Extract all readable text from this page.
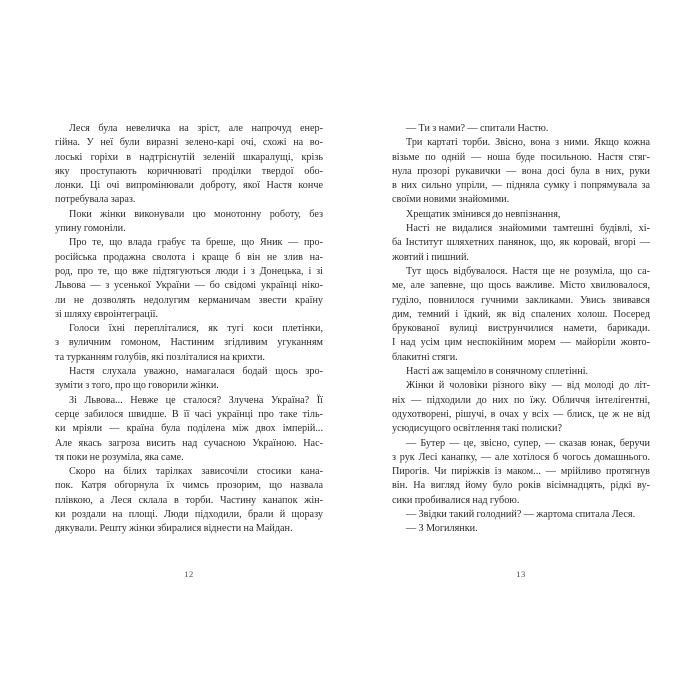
Леся була невеличка на зріст, але напрочуд енер-
гійна. У неї були виразні зелено-карі очі, схожі на во-
лоські горіхи в надтріснутій зеленій шкаралущі, крізь
яку проступають коричнюваті проділки твердої обо-
лонки. Ці очі випромінювали доброту, якої Настя конче
потребувала зараз.
Поки жінки виконували цю монотонну роботу, без
упину гомоніли.
Про те, що влада грабує та бреше, що Яник — про-
російська продажна сволота і краще б він не злив на-
род, про те, що вже підтягуються люди і з Донецька, і зі
Львова — з усенької України — бо свідомі українці ніко-
ли не дозволять недолугим керманичам звести країну
зі шляху євроінтеграції.
Голоси їхні перепліталися, як тугі коси плетінки,
з вуличним гомоном, Настиним згідливим угуканням
та турканням голубів, які позліталися на крихти.
Настя слухала уважно, намагалася бодай щось зро-
зуміти з того, про що говорили жінки.
Зі Львова... Невже це сталося? Злучена Україна? Її
серце забилося швидше. В її часі українці про таке тіль-
ки мріяли — країна була поділена між двох імперій...
Але якась загроза висить над сучасною Україною. Нас-
тя поки не розуміла, яка саме.
Скоро на білих тарілках зависочіли стосики кана-
пок. Катря обгорнула їх чимсь прозорим, що назвала
плівкою, а Леся склала в торби. Частину канапок жін-
ки роздали на площі. Люди підходили, брали й щоразу
дякували. Решту жінки збиралися віднести на Майдан.
12
— Ти з нами? — спитали Настю.
Три картаті торби. Звісно, вона з ними. Якщо кожна
візьме по одній — ноша буде посильною. Настя стяг-
нула прозорі рукавички — вона досі була в них, руки
в них сильно упріли, — підняла сумку і попрямувала за
своїми новими знайомими.
Хрещатик змінився до невпізнання,
Насті не видалися знайомими тамтешні будівлі, хі-
ба Інститут шляхетних панянок, що, як коровай, вгорі —
жовтий і пишний.
Тут щось відбувалося. Настя ще не розуміла, що са-
ме, але запевне, що щось важливе. Місто хвилювалося,
гуділо, повнилося гучними закликами. Увись звивався
дим, темний і їдкий, як від спалених холош. Посеред
брукованої вулиці виструнчилися намети, барикади.
І над усім цим неспокійним морем — майоріли жовто-
блакитні стяги.
Насті аж защеміло в сонячному сплетінні.
Жінки й чоловіки різного віку — від молоді до літ-
ніх — підходили до них по їжу. Обличчя інтелігентні,
одухотворені, рішучі, в очах у всіх — блиск, це ж не від
усюдисущого освітлення такі полиски?
— Бутер — це, звісно, супер, — сказав юнак, беручи
з рук Лесі канапку, — але хотілося б чогось домашнього.
Пирогів. Чи пиріжків із маком... — мрійливо протягнув
він. На вигляд йому було років вісімнадцять, рідкі ву-
сики пробивалися над губою.
— Звідки такий голодний? — жартома спитала Леся.
— З Могилянки.
13
